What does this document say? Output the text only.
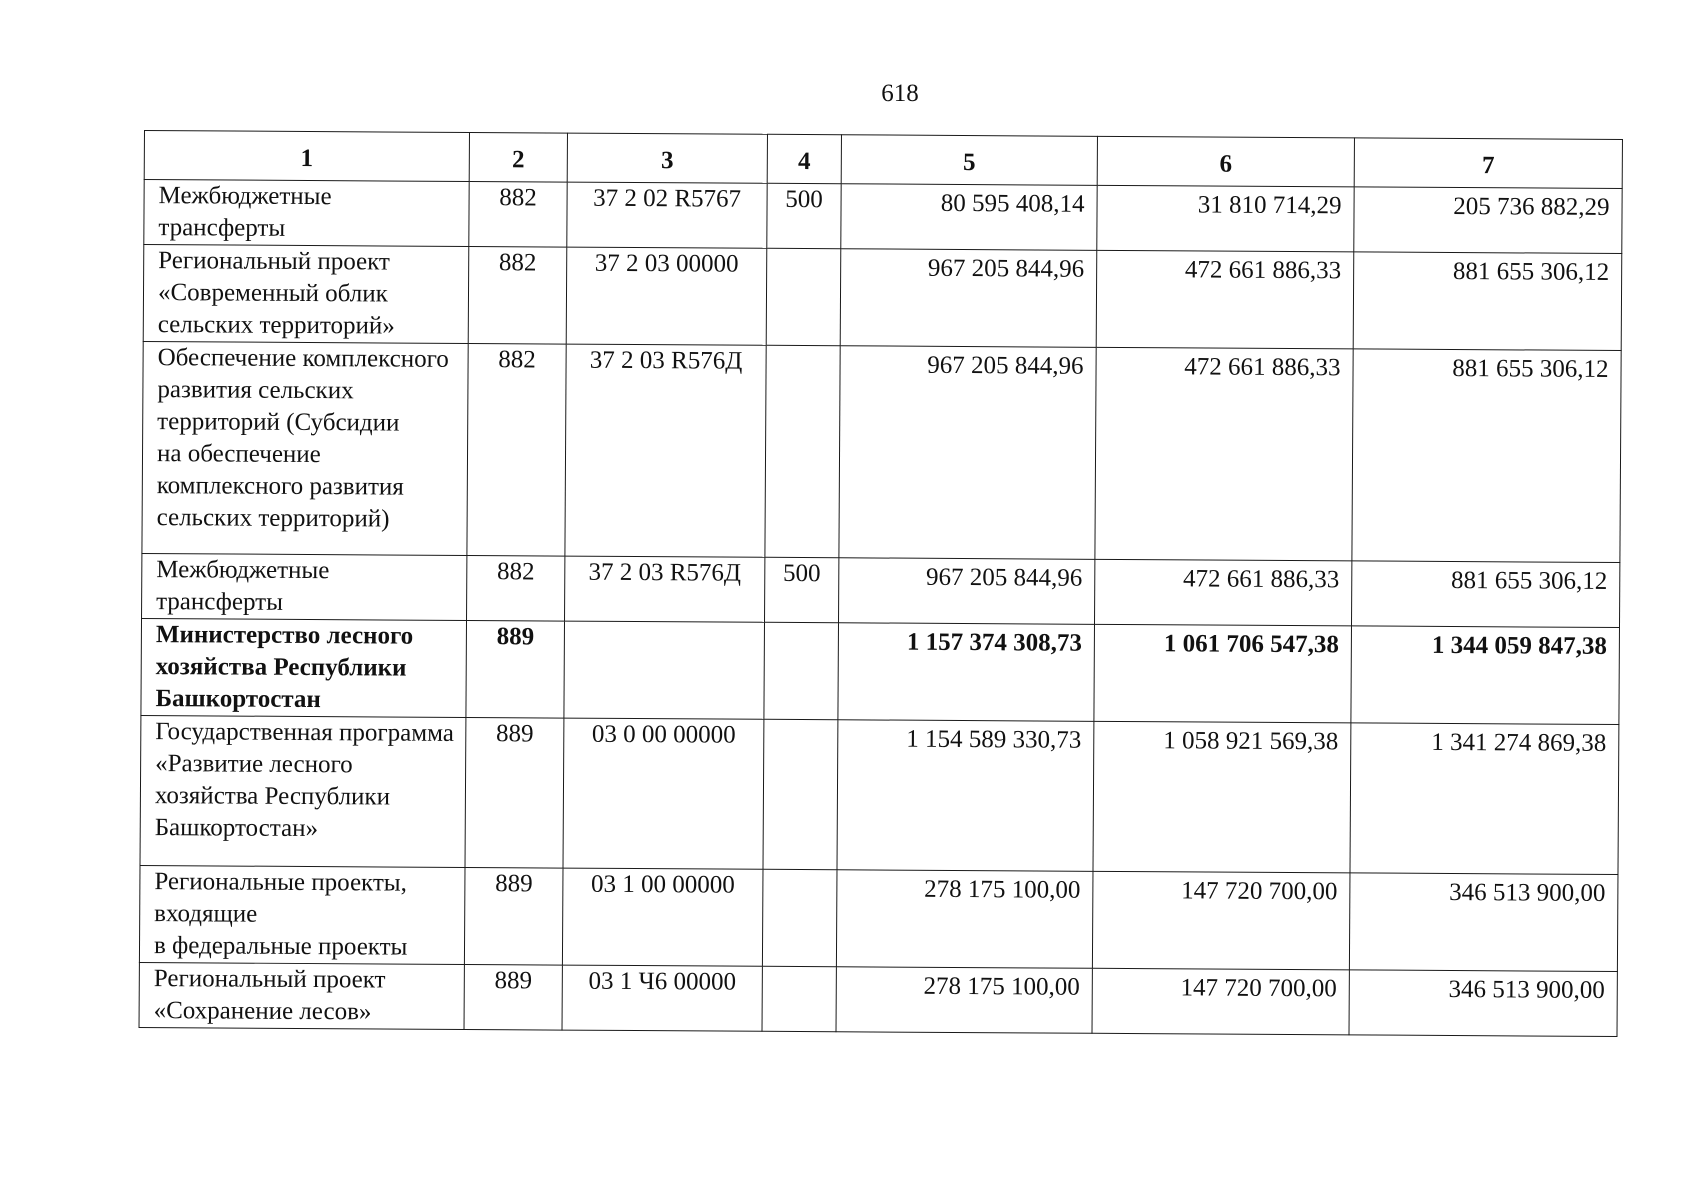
618
1	2	3	4	5	6	7
Межбюджетные трансферты	882	37 2 02 R5767	500	80 595 408,14	31 810 714,29	205 736 882,29
Региональный проект «Современный облик сельских территорий»	882	37 2 03 00000		967 205 844,96	472 661 886,33	881 655 306,12
Обеспечение комплексного развития сельских территорий (Субсидии
на обеспечение комплексного развития сельских территорий)	882	37 2 03 R576Д		967 205 844,96	472 661 886,33	881 655 306,12
Межбюджетные трансферты	882	37 2 03 R576Д	500	967 205 844,96	472 661 886,33	881 655 306,12
Министерство лесного хозяйства Республики Башкортостан	889			1 157 374 308,73	1 061 706 547,38	1 344 059 847,38
Государственная программа «Развитие лесного хозяйства Республики Башкортостан»	889	03 0 00 00000		1 154 589 330,73	1 058 921 569,38	1 341 274 869,38
Региональные проекты, входящие
в федеральные проекты	889	03 1 00 00000		278 175 100,00	147 720 700,00	346 513 900,00
Региональный проект «Сохранение лесов»	889	03 1 Ч6 00000		278 175 100,00	147 720 700,00	346 513 900,00
